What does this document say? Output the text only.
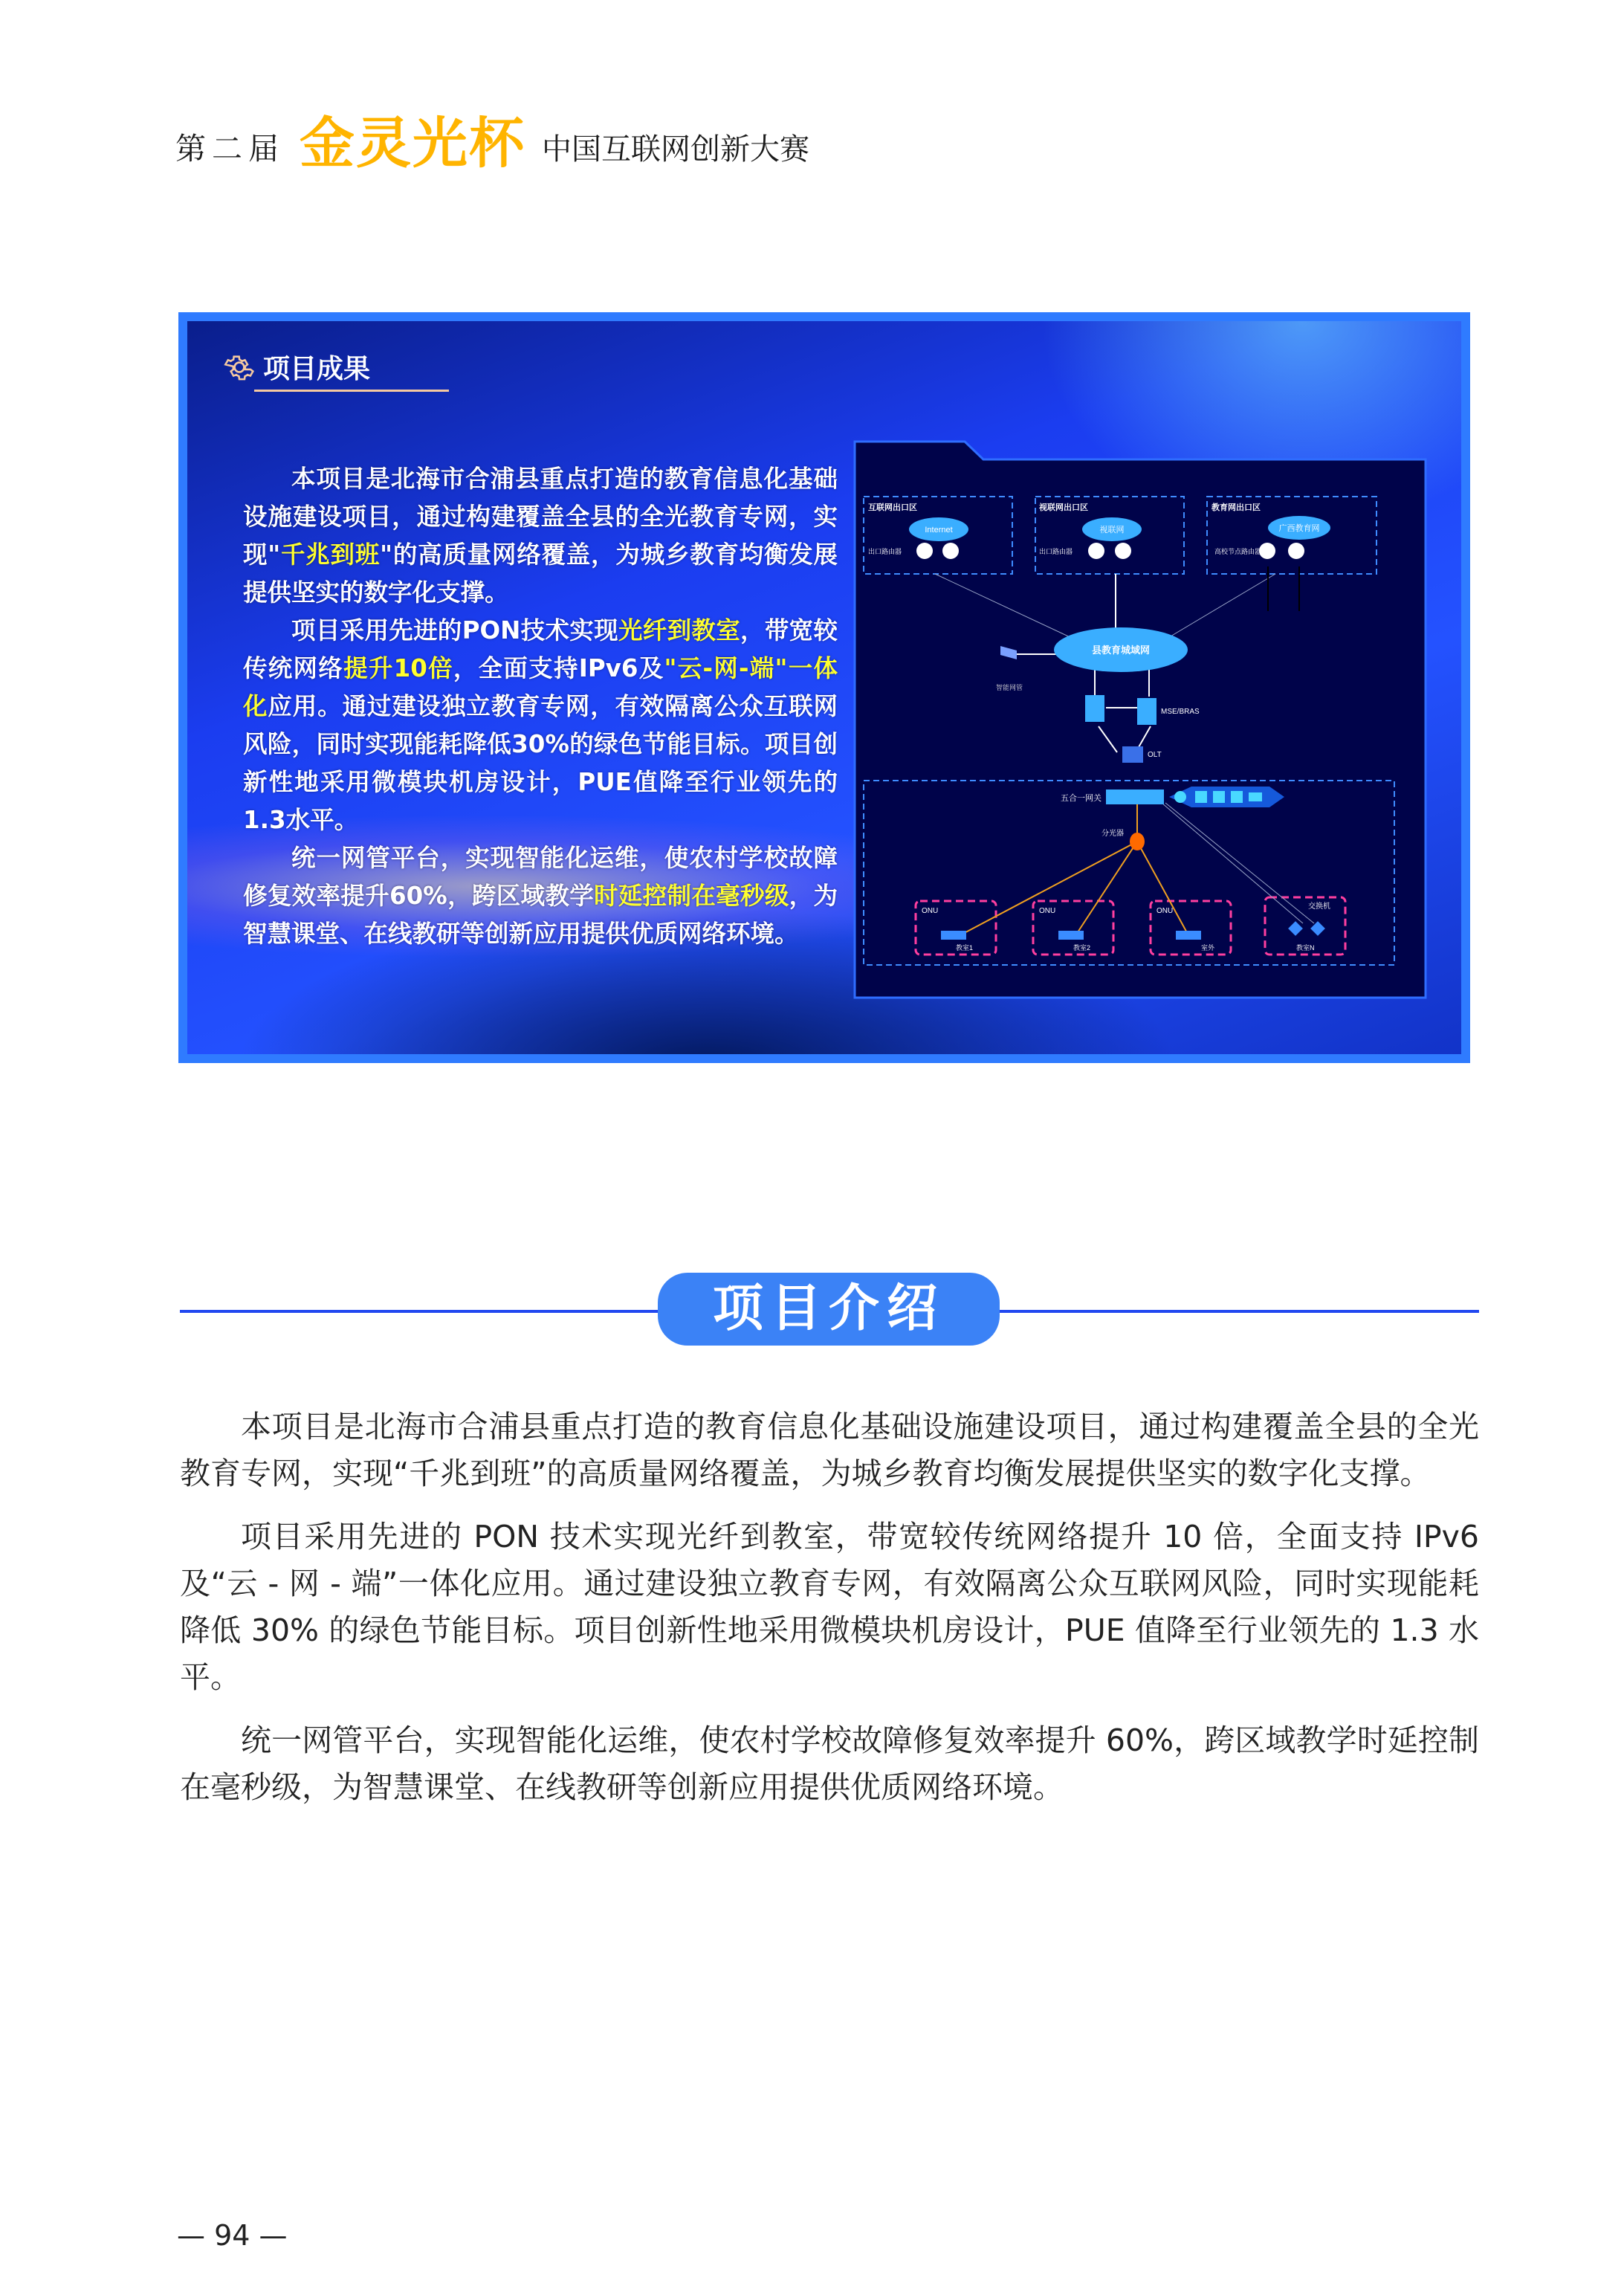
第二届 金灵光杯 中国互联网创新大赛
项目成果

本项目是北海市合浦县重点打造的教育信息化基础设施建设项目，通过构建覆盖全县的全光教育专网，实现"千兆到班"的高质量网络覆盖，为城乡教育均衡发展提供坚实的数字化支撑。

项目采用先进的PON技术实现光纤到教室，带宽较传统网络提升10倍，全面支持IPv6及"云-网-端"一体化应用。通过建设独立教育专网，有效隔离公众互联网风险，同时实现能耗降低30%的绿色节能目标。项目创新性地采用微模块机房设计，PUE值降至行业领先的1.3水平。

统一网管平台，实现智能化运维，使农村学校故障修复效率提升60%，跨区域教学时延控制在毫秒级，为智慧课堂、在线教研等创新应用提供优质网络环境。

互联网出口区	视联网出口区	教育网出口区
Internet	视联网	广西教育网
出口路由器	出口路由器	高校节点路由器
县教育城域网
智能网管
MSE/BRAS
OLT
五合一网关
分光器
ONU	ONU	ONU
交换机
教室1	教室2	室外	教室N
项目介绍

本项目是北海市合浦县重点打造的教育信息化基础设施建设项目，通过构建覆盖全县的全光教育专网，实现“千兆到班”的高质量网络覆盖，为城乡教育均衡发展提供坚实的数字化支撑。

项目采用先进的 PON 技术实现光纤到教室，带宽较传统网络提升 10 倍，全面支持 IPv6 及“云 - 网 - 端”一体化应用。通过建设独立教育专网，有效隔离公众互联网风险，同时实现能耗降低 30% 的绿色节能目标。项目创新性地采用微模块机房设计，PUE 值降至行业领先的 1.3 水平。

统一网管平台，实现智能化运维，使农村学校故障修复效率提升 60%，跨区域教学时延控制在毫秒级，为智慧课堂、在线教研等创新应用提供优质网络环境。

— 94 —
